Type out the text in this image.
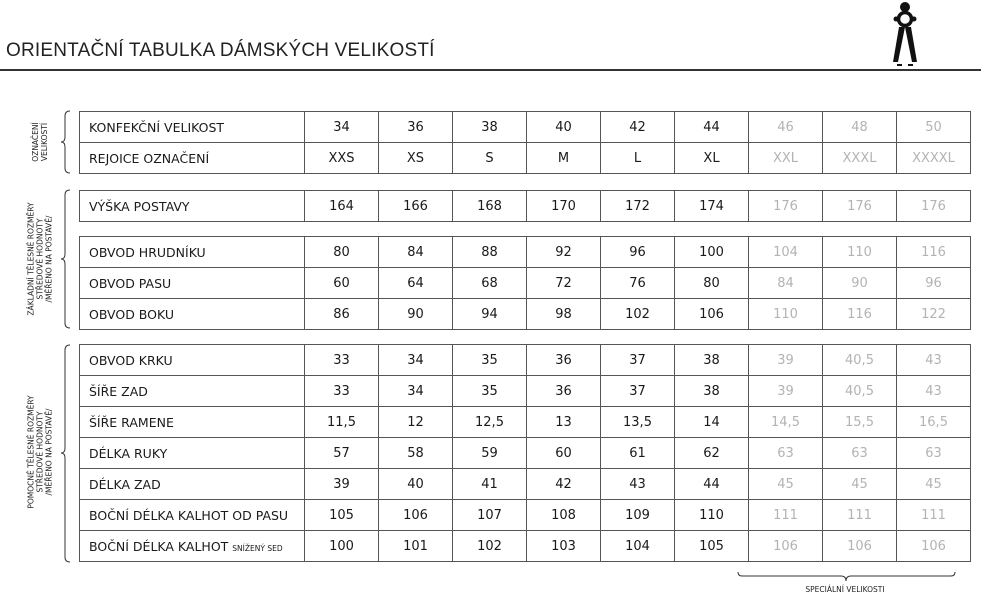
ORIENTAČNÍ TABULKA DÁMSKÝCH VELIKOSTÍ
OZNAČENÍ VELIKOSTÍ
ZÁKLADNÍ TĚLESNÉ ROZMĚRY STŘEDOVÉ HODNOTY /MĚŘENO NA POSTAVĚ/
POMOCNÉ TĚLESNÉ ROZMĚRY STŘEDOVÉ HODNOTY /MĚŘENO NA POSTAVĚ/
KONFEKČNÍ VELIKOST	34	36	38	40	42	44	46	48	50
REJOICE OZNAČENÍ	XXS	XS	S	M	L	XL	XXL	XXXL	XXXXL
VÝŠKA POSTAVY	164	166	168	170	172	174	176	176	176
OBVOD HRUDNÍKU	80	84	88	92	96	100	104	110	116
OBVOD PASU	60	64	68	72	76	80	84	90	96
OBVOD BOKU	86	90	94	98	102	106	110	116	122
OBVOD KRKU	33	34	35	36	37	38	39	40,5	43
ŠÍŘE ZAD	33	34	35	36	37	38	39	40,5	43
ŠÍŘE RAMENE	11,5	12	12,5	13	13,5	14	14,5	15,5	16,5
DÉLKA RUKY	57	58	59	60	61	62	63	63	63
DÉLKA ZAD	39	40	41	42	43	44	45	45	45
BOČNÍ DÉLKA KALHOT OD PASU	105	106	107	108	109	110	111	111	111
BOČNÍ DÉLKA KALHOT SNÍŽENÝ SED	100	101	102	103	104	105	106	106	106
SPECIÁLNÍ VELIKOSTI
